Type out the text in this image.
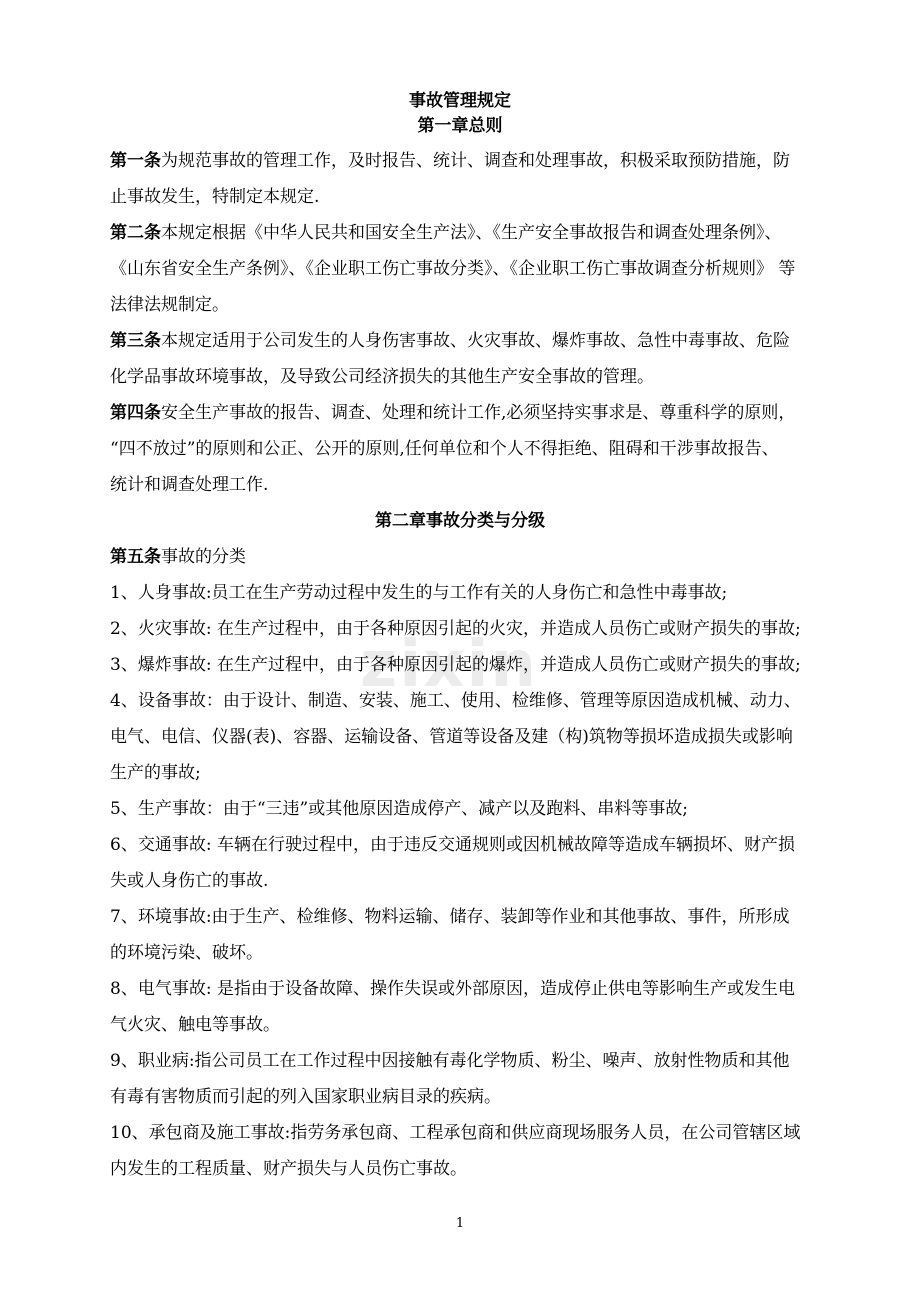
zixin
事故管理规定
第一章总则
第一条为规范事故的管理工作，及时报告、统计、调查和处理事故，积极采取预防措施，防
止事故发生，特制定本规定.
第二条本规定根据《中华人民共和国安全生产法》、《生产安全事故报告和调查处理条例》、
《山东省安全生产条例》、《企业职工伤亡事故分类》、《企业职工伤亡事故调查分析规则》 等
法律法规制定。
第三条本规定适用于公司发生的人身伤害事故、火灾事故、爆炸事故、急性中毒事故、危险
化学品事故环境事故，及导致公司经济损失的其他生产安全事故的管理。
第四条安全生产事故的报告、调查、处理和统计工作,必须坚持实事求是、尊重科学的原则，
“四不放过”的原则和公正、公开的原则,任何单位和个人不得拒绝、阻碍和干涉事故报告、
统计和调查处理工作.
第二章事故分类与分级
第五条事故的分类
1、人身事故:员工在生产劳动过程中发生的与工作有关的人身伤亡和急性中毒事故;
2、火灾事故: 在生产过程中，由于各种原因引起的火灾，并造成人员伤亡或财产损失的事故;
3、爆炸事故: 在生产过程中，由于各种原因引起的爆炸，并造成人员伤亡或财产损失的事故;
4、设备事故：由于设计、制造、安装、施工、使用、检维修、管理等原因造成机械、动力、
电气、电信、仪器(表)、容器、运输设备、管道等设备及建（构)筑物等损坏造成损失或影响
生产的事故;
5、生产事故：由于“三违”或其他原因造成停产、减产以及跑料、串料等事故;
6、交通事故: 车辆在行驶过程中，由于违反交通规则或因机械故障等造成车辆损坏、财产损
失或人身伤亡的事故.
7、环境事故:由于生产、检维修、物料运输、储存、装卸等作业和其他事故、事件，所形成
的环境污染、破坏。
8、电气事故: 是指由于设备故障、操作失误或外部原因，造成停止供电等影响生产或发生电
气火灾、触电等事故。
9、职业病:指公司员工在工作过程中因接触有毒化学物质、粉尘、噪声、放射性物质和其他
有毒有害物质而引起的列入国家职业病目录的疾病。
10、承包商及施工事故:指劳务承包商、工程承包商和供应商现场服务人员，在公司管辖区域
内发生的工程质量、财产损失与人员伤亡事故。
1
